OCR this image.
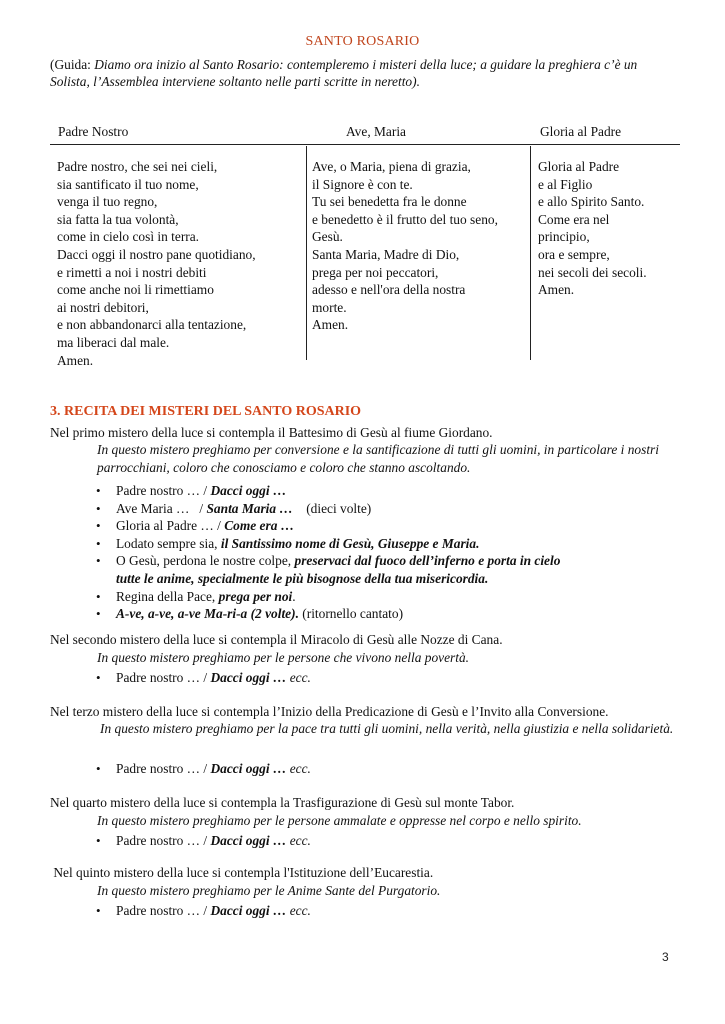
SANTO ROSARIO
(Guida: Diamo ora inizio al Santo Rosario: contempleremo i misteri della luce; a guidare la preghiera c’è un Solista, l’Assemblea interviene soltanto nelle parti scritte in neretto).
Padre Nostro	Ave, Maria	Gloria al Padre
Padre nostro, che sei nei cieli,
sia santificato il tuo nome,
venga il tuo regno,
sia fatta la tua volontà,
come in cielo così in terra.
Dacci oggi il nostro pane quotidiano,
e rimetti a noi i nostri debiti
come anche noi li rimettiamo
ai nostri debitori,
e non abbandonarci alla tentazione,
ma liberaci dal male.
Amen.
Ave, o Maria, piena di grazia,
il Signore è con te.
Tu sei benedetta fra le donne
e benedetto è il frutto del tuo seno,
Gesù.
Santa Maria, Madre di Dio,
prega per noi peccatori,
adesso e nell'ora della nostra
morte.
Amen.
Gloria al Padre
e al Figlio
e allo Spirito Santo.
Come era nel
principio,
ora e sempre,
nei secoli dei secoli.
Amen.
3. RECITA DEI MISTERI DEL SANTO ROSARIO
Nel primo mistero della luce si contempla il Battesimo di Gesù al fiume Giordano.
In questo mistero preghiamo per conversione e la santificazione di tutti gli uomini, in particolare i nostri parrocchiani, coloro che conosciamo e coloro che stanno ascoltando.
• Padre nostro … / Dacci oggi …
• Ave Maria …   / Santa Maria …    (dieci volte)
• Gloria al Padre … / Come era …
• Lodato sempre sia, il Santissimo nome di Gesù, Giuseppe e Maria.
• O Gesù, perdona le nostre colpe, preservaci dal fuoco dell’inferno e porta in cielo
tutte le anime, specialmente le più bisognose della tua misericordia.
• Regina della Pace, prega per noi.
• A-ve, a-ve, a-ve Ma-ri-a (2 volte). (ritornello cantato)
Nel secondo mistero della luce si contempla il Miracolo di Gesù alle Nozze di Cana.
In questo mistero preghiamo per le persone che vivono nella povertà.
• Padre nostro … / Dacci oggi … ecc.
Nel terzo mistero della luce si contempla l’Inizio della Predicazione di Gesù e l’Invito alla Conversione.
In questo mistero preghiamo per la pace tra tutti gli uomini, nella verità, nella giustizia e nella solidarietà.
• Padre nostro … / Dacci oggi … ecc.
Nel quarto mistero della luce si contempla la Trasfigurazione di Gesù sul monte Tabor.
In questo mistero preghiamo per le persone ammalate e oppresse nel corpo e nello spirito.
• Padre nostro … / Dacci oggi … ecc.
Nel quinto mistero della luce si contempla l'Istituzione dell’Eucarestia.
In questo mistero preghiamo per le Anime Sante del Purgatorio.
• Padre nostro … / Dacci oggi … ecc.
3
